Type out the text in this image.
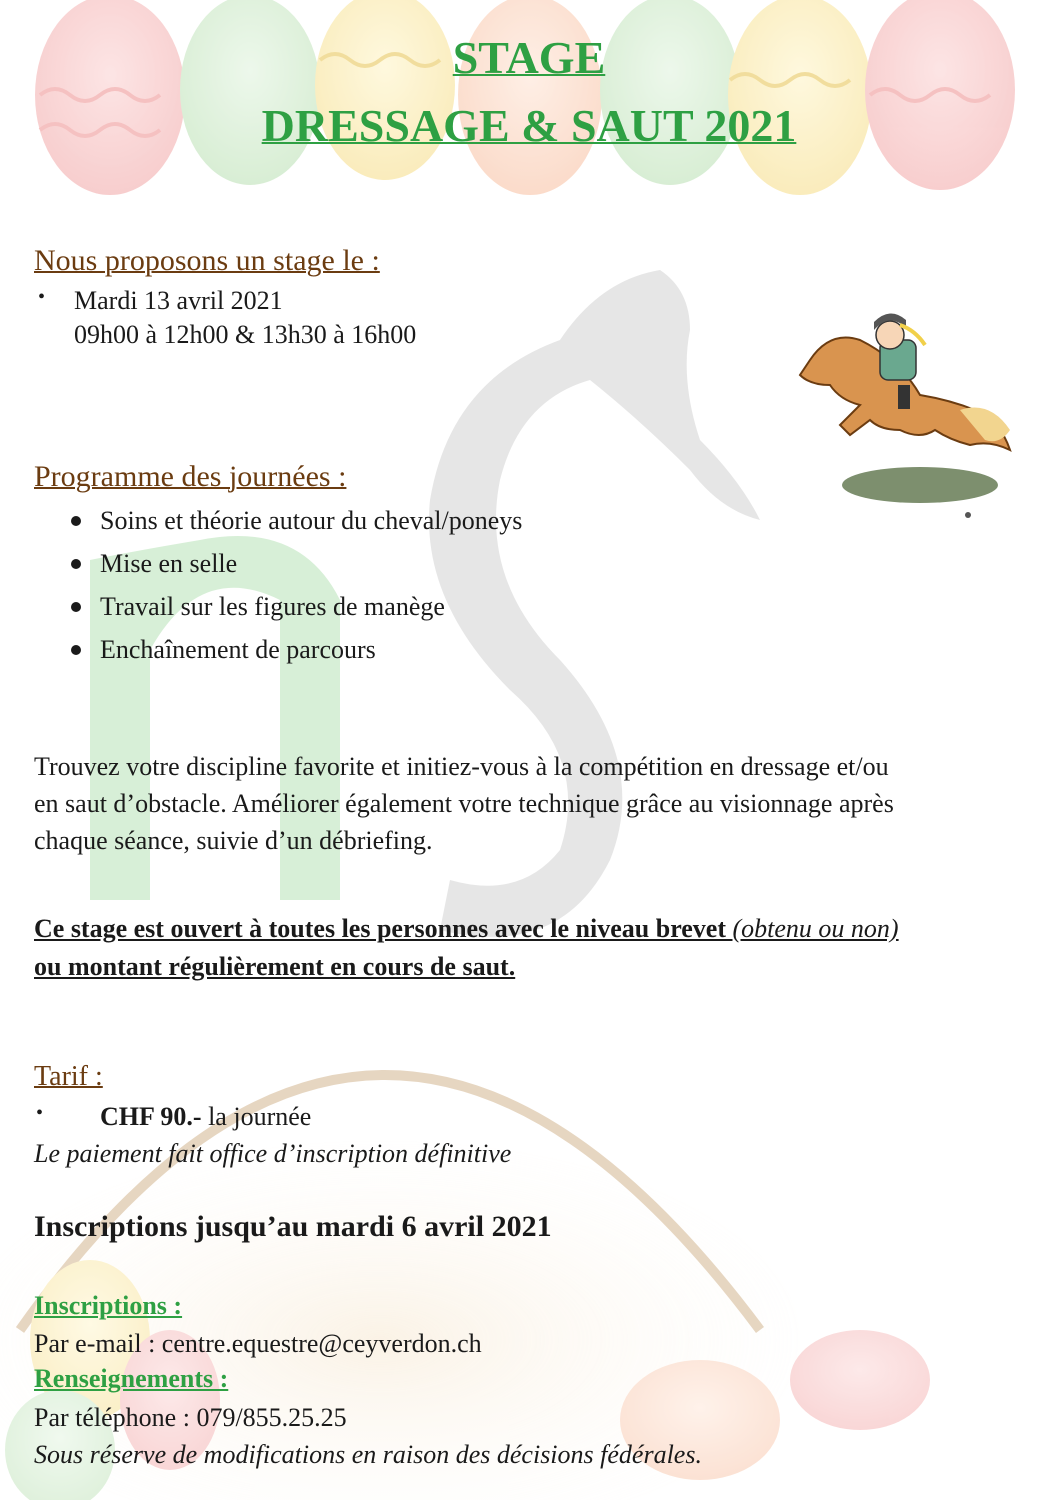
STAGE
DRESSAGE & SAUT 2021

Nous proposons un stage le :

• Mardi 13 avril 2021

09h00 à 12h00 & 13h30 à 16h00

Programme des journées :

Soins et théorie autour du cheval/poneys
Mise en selle
Travail sur les figures de manège
Enchaînement de parcours

Trouvez votre discipline favorite et initiez-vous à la compétition en dressage et/ou

en saut d’obstacle. Améliorer également votre technique grâce au visionnage après

chaque séance, suivie d’un débriefing.

Ce stage est ouvert à toutes les personnes avec le niveau brevet (obtenu ou non)

ou montant régulièrement en cours de saut.

Tarif :

• CHF 90.- la journée

Le paiement fait office d’inscription définitive

Inscriptions jusqu’au mardi 6 avril 2021

Inscriptions :

Par e-mail : centre.equestre@ceyverdon.ch

Renseignements :

Par téléphone : 079/855.25.25

Sous réserve de modifications en raison des décisions fédérales.
